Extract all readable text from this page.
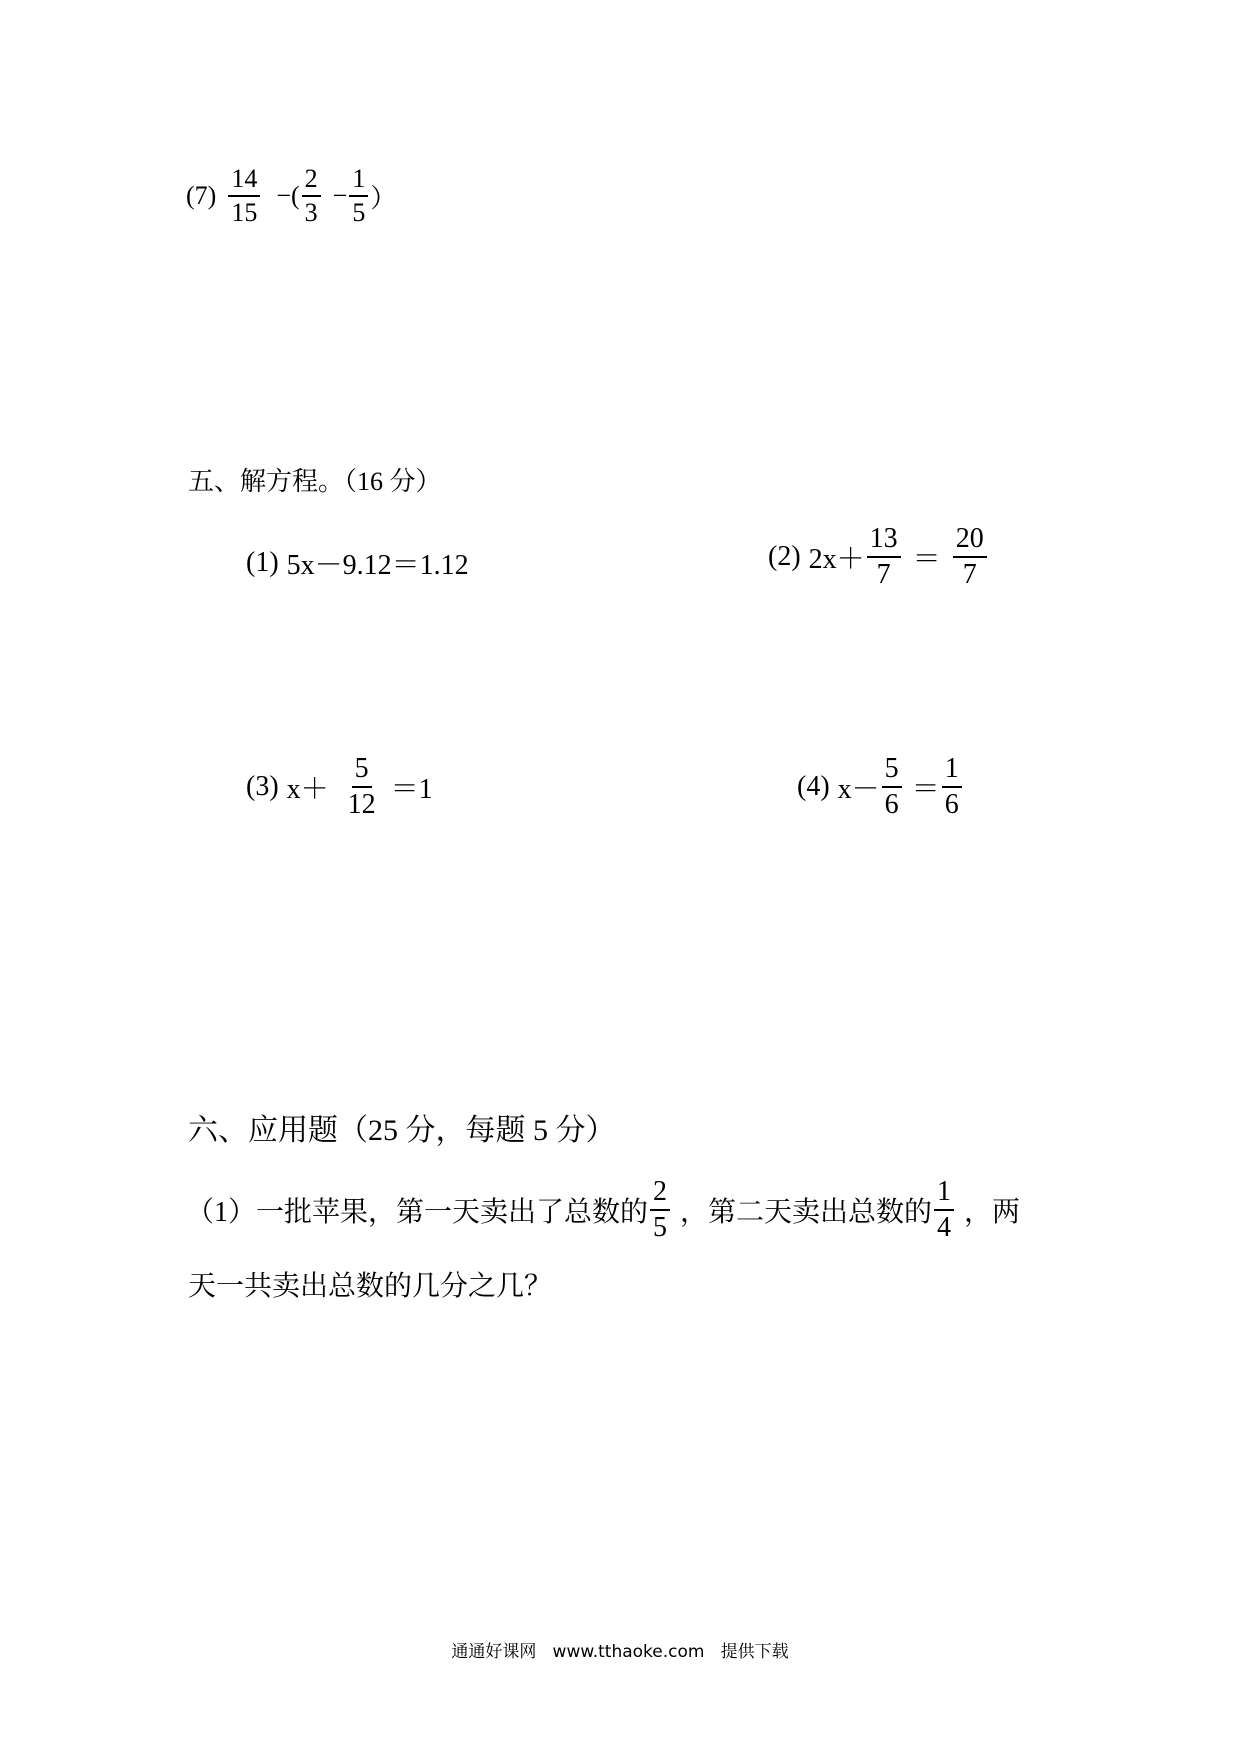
$(7) \frac{14}{15}$ −( $\frac{2}{3} - \frac{1}{5}$ ）
五、解方程。（16 分）
(1) 5x－9.12＝1.12	(2) $2x+ \frac{13}{7} = \frac{20}{7}$
(3) $x+ \frac{5}{12} =1$	(4) $x- \frac{5}{6} = \frac{1}{6}$
六、应用题（25 分，每题 5 分）
（1）一批苹果，第一天卖出了总数的 $\frac{2}{5}$ ，第二天卖出总数的 $\frac{1}{4}$ ，两
天一共卖出总数的几分之几？
通通好课网   www.tthaoke.com   提供下载
